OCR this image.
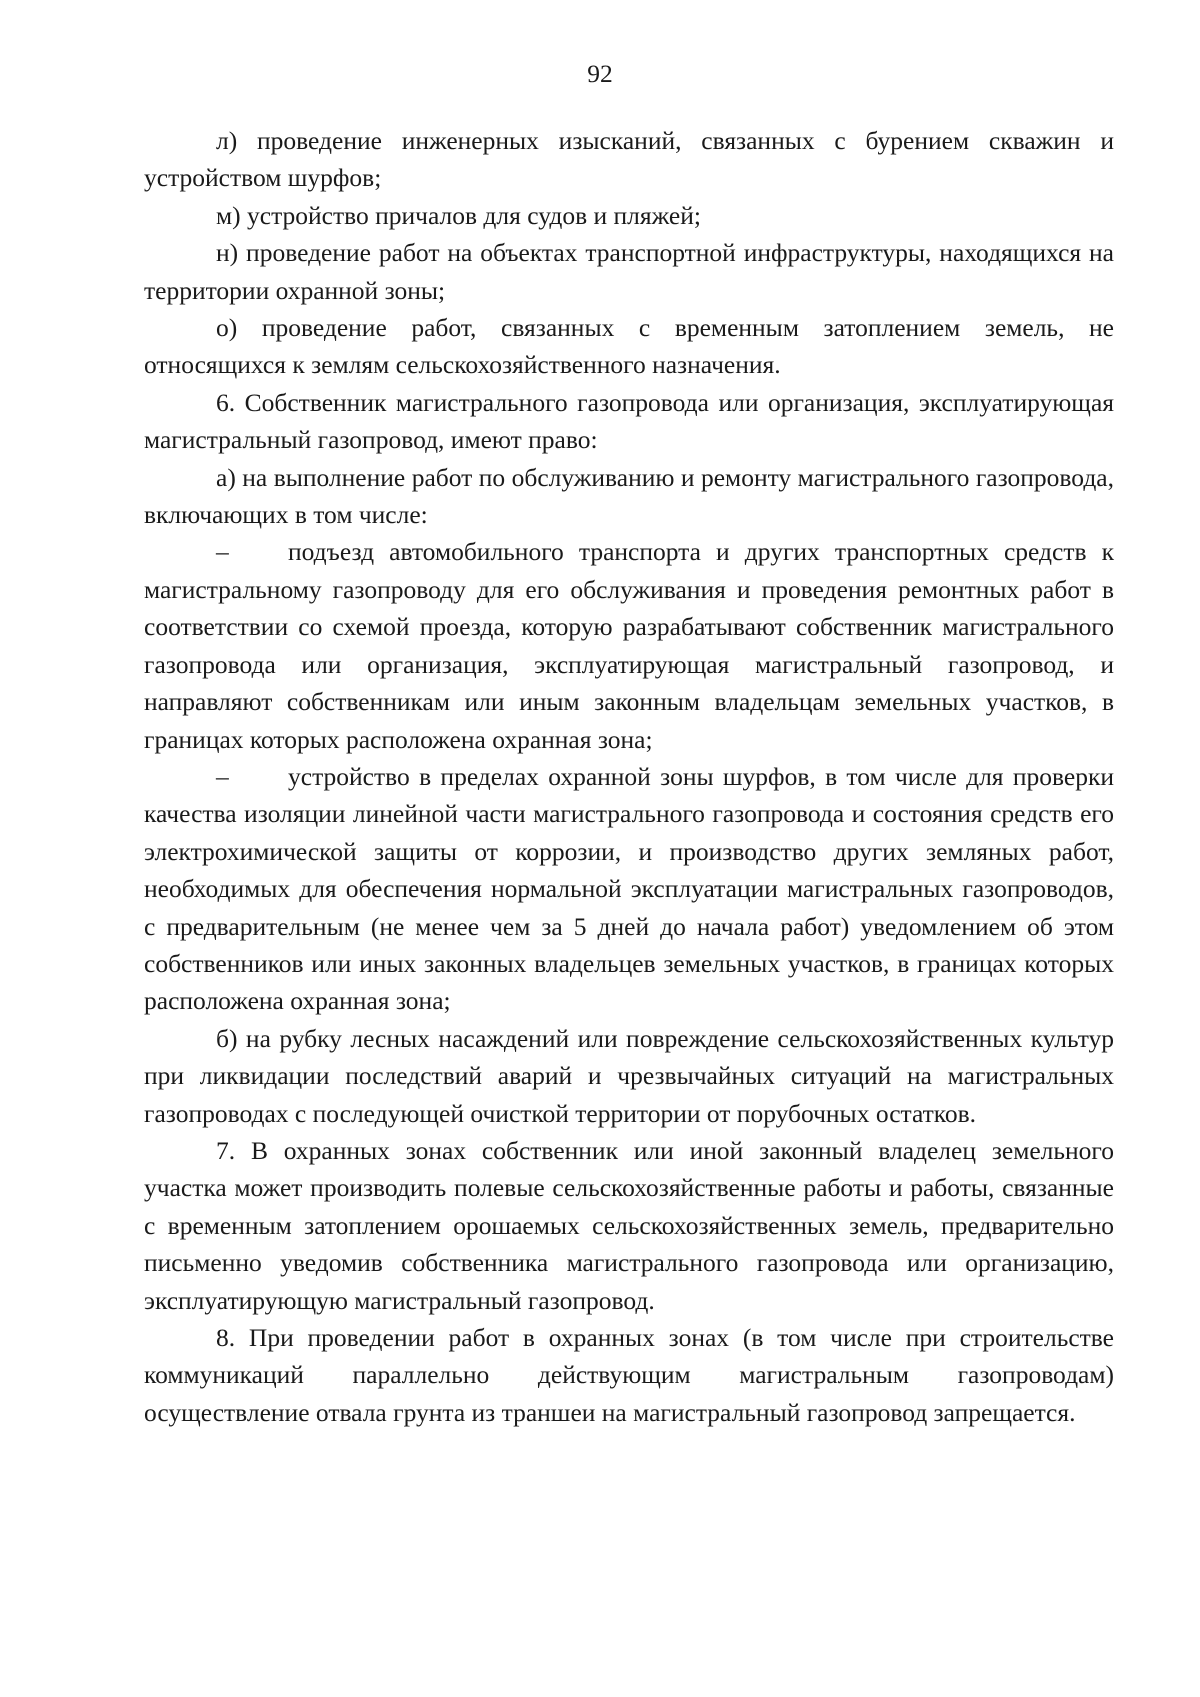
92

л) проведение инженерных изысканий, связанных с бурением скважин и устройством шурфов;

м) устройство причалов для судов и пляжей;

н) проведение работ на объектах транспортной инфраструктуры, находящихся на территории охранной зоны;

о) проведение работ, связанных с временным затоплением земель, не относящихся к землям сельскохозяйственного назначения.

6. Собственник магистрального газопровода или организация, эксплуатирующая магистральный газопровод, имеют право:

а) на выполнение работ по обслуживанию и ремонту магистрального газопровода, включающих в том числе:

– подъезд автомобильного транспорта и других транспортных средств к магистральному газопроводу для его обслуживания и проведения ремонтных работ в соответствии со схемой проезда, которую разрабатывают собственник магистрального газопровода или организация, эксплуатирующая магистральный газопровод, и направляют собственникам или иным законным владельцам земельных участков, в границах которых расположена охранная зона;

– устройство в пределах охранной зоны шурфов, в том числе для проверки качества изоляции линейной части магистрального газопровода и состояния средств его электрохимической защиты от коррозии, и производство других земляных работ, необходимых для обеспечения нормальной эксплуатации магистральных газопроводов, с предварительным (не менее чем за 5 дней до начала работ) уведомлением об этом собственников или иных законных владельцев земельных участков, в границах которых расположена охранная зона;

б) на рубку лесных насаждений или повреждение сельскохозяйственных культур при ликвидации последствий аварий и чрезвычайных ситуаций на магистральных газопроводах с последующей очисткой территории от порубочных остатков.

7. В охранных зонах собственник или иной законный владелец земельного участка может производить полевые сельскохозяйственные работы и работы, связанные с временным затоплением орошаемых сельскохозяйственных земель, предварительно письменно уведомив собственника магистрального газопровода или организацию, эксплуатирующую магистральный газопровод.

8. При проведении работ в охранных зонах (в том числе при строительстве коммуникаций параллельно действующим магистральным газопроводам) осуществление отвала грунта из траншеи на магистральный газопровод запрещается.
